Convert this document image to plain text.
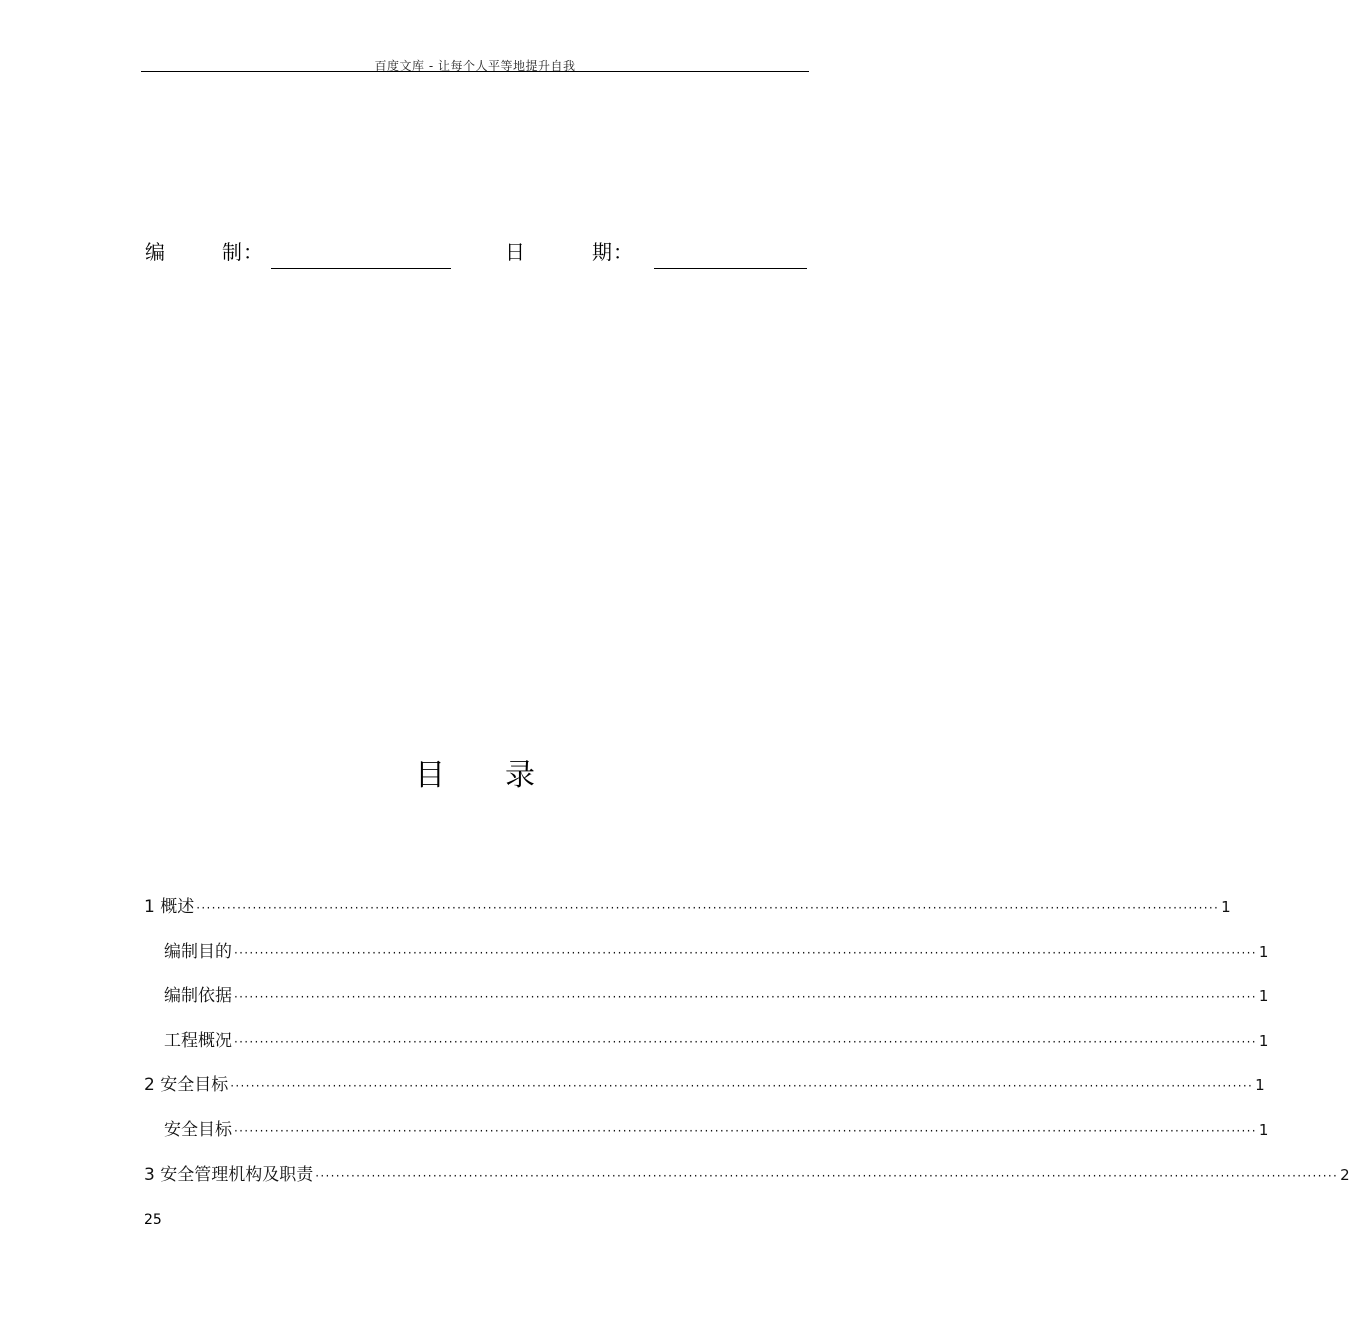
百度文库 - 让每个人平等地提升自我
编	制：	日	期：
目 录
1 概述 ········································································································································································································ 1
编制目的 ········································································································································································································ 1
编制依据 ········································································································································································································ 1
工程概况 ········································································································································································································ 1
2 安全目标 ········································································································································································································ 1
安全目标 ········································································································································································································ 1
3 安全管理机构及职责 ········································································································································································································ 2
25
